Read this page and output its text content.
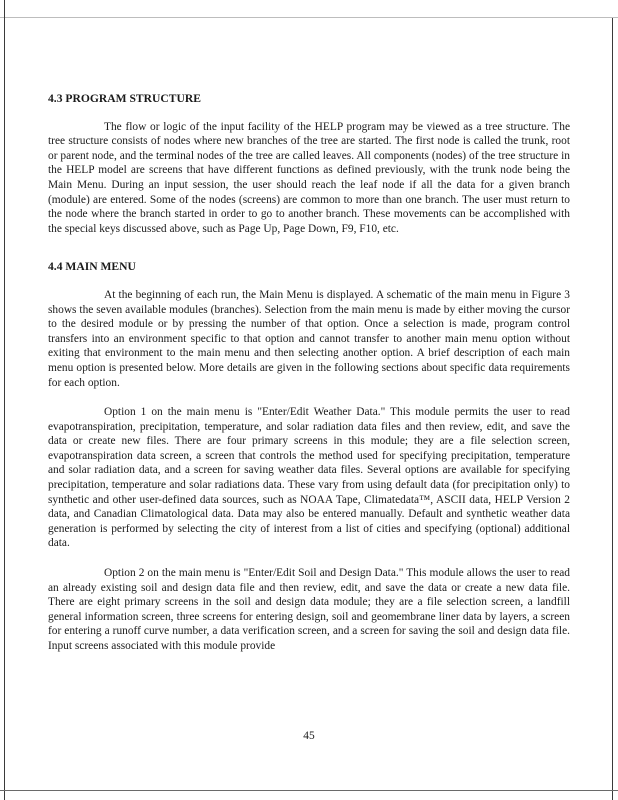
4.3 PROGRAM STRUCTURE

The flow or logic of the input facility of the HELP program may be viewed as a tree structure. The tree structure consists of nodes where new branches of the tree are started. The first node is called the trunk, root or parent node, and the terminal nodes of the tree are called leaves. All components (nodes) of the tree structure in the HELP model are screens that have different functions as defined previously, with the trunk node being the Main Menu. During an input session, the user should reach the leaf node if all the data for a given branch (module) are entered. Some of the nodes (screens) are common to more than one branch. The user must return to the node where the branch started in order to go to another branch. These movements can be accomplished with the special keys discussed above, such as Page Up, Page Down, F9, F10, etc.

4.4 MAIN MENU

At the beginning of each run, the Main Menu is displayed. A schematic of the main menu in Figure 3 shows the seven available modules (branches). Selection from the main menu is made by either moving the cursor to the desired module or by pressing the number of that option. Once a selection is made, program control transfers into an environment specific to that option and cannot transfer to another main menu option without exiting that environment to the main menu and then selecting another option. A brief description of each main menu option is presented below. More details are given in the following sections about specific data requirements for each option.

Option 1 on the main menu is "Enter/Edit Weather Data." This module permits the user to read evapotranspiration, precipitation, temperature, and solar radiation data files and then review, edit, and save the data or create new files. There are four primary screens in this module; they are a file selection screen, evapotranspiration data screen, a screen that controls the method used for specifying precipitation, temperature and solar radiation data, and a screen for saving weather data files. Several options are available for specifying precipitation, temperature and solar radiations data. These vary from using default data (for precipitation only) to synthetic and other user-defined data sources, such as NOAA Tape, Climatedata™, ASCII data, HELP Version 2 data, and Canadian Climatological data. Data may also be entered manually. Default and synthetic weather data generation is performed by selecting the city of interest from a list of cities and specifying (optional) additional data.

Option 2 on the main menu is "Enter/Edit Soil and Design Data." This module allows the user to read an already existing soil and design data file and then review, edit, and save the data or create a new data file. There are eight primary screens in the soil and design data module; they are a file selection screen, a landfill general information screen, three screens for entering design, soil and geomembrane liner data by layers, a screen for entering a runoff curve number, a data verification screen, and a screen for saving the soil and design data file. Input screens associated with this module provide

45
